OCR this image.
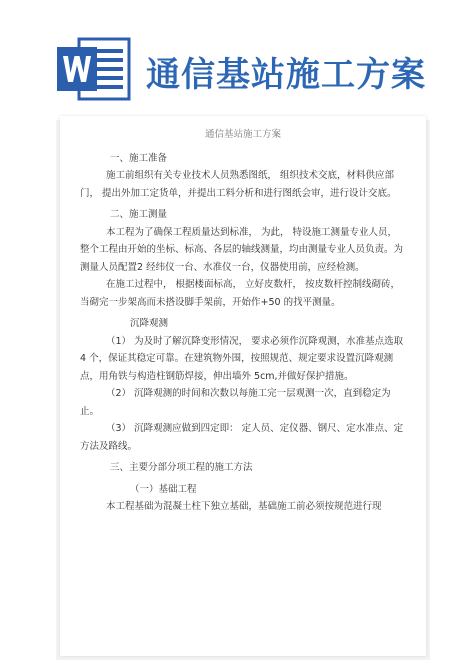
通信基站施工方案

通信基站施工方案

一、施工准备

施工前组织有关专业技术人员熟悉图纸， 组织技术交底，材料供应部门， 提出外加工定货单，并提出工料分析和进行图纸会审，进行设计交底。

二、施工测量

本工程为了确保工程质量达到标准， 为此， 特设施工测量专业人员， 整个工程由开始的坐标、标高、各层的轴线测量，均由测量专业人员负责。为测量人员配置2 经纬仪一台、水准仪一台，仪器使用前，应经检测。

在施工过程中， 根据楼面标高， 立好皮数杆， 按皮数杆控制线砌砖，当砌完一步架高而未搭设脚手架前，开始作+50 的找平测量。

沉降观测

（1） 为及时了解沉降变形情况， 要求必须作沉降观测，水准基点选取 4 个，保证其稳定可靠。在建筑物外围，按照规范、规定要求设置沉降观测点，用角铁与构造柱钢筋焊接，伸出墙外 5cm,并做好保护措施。

（2） 沉降观测的时间和次数以每施工完一层观测一次，直到稳定为止。

（3） 沉降观测应做到四定即： 定人员、定仪器、钢尺、定水准点、定方法及路线。

三、主要分部分项工程的施工方法

（一）基础工程

本工程基础为混凝土柱下独立基础，基础施工前必须按规范进行现
